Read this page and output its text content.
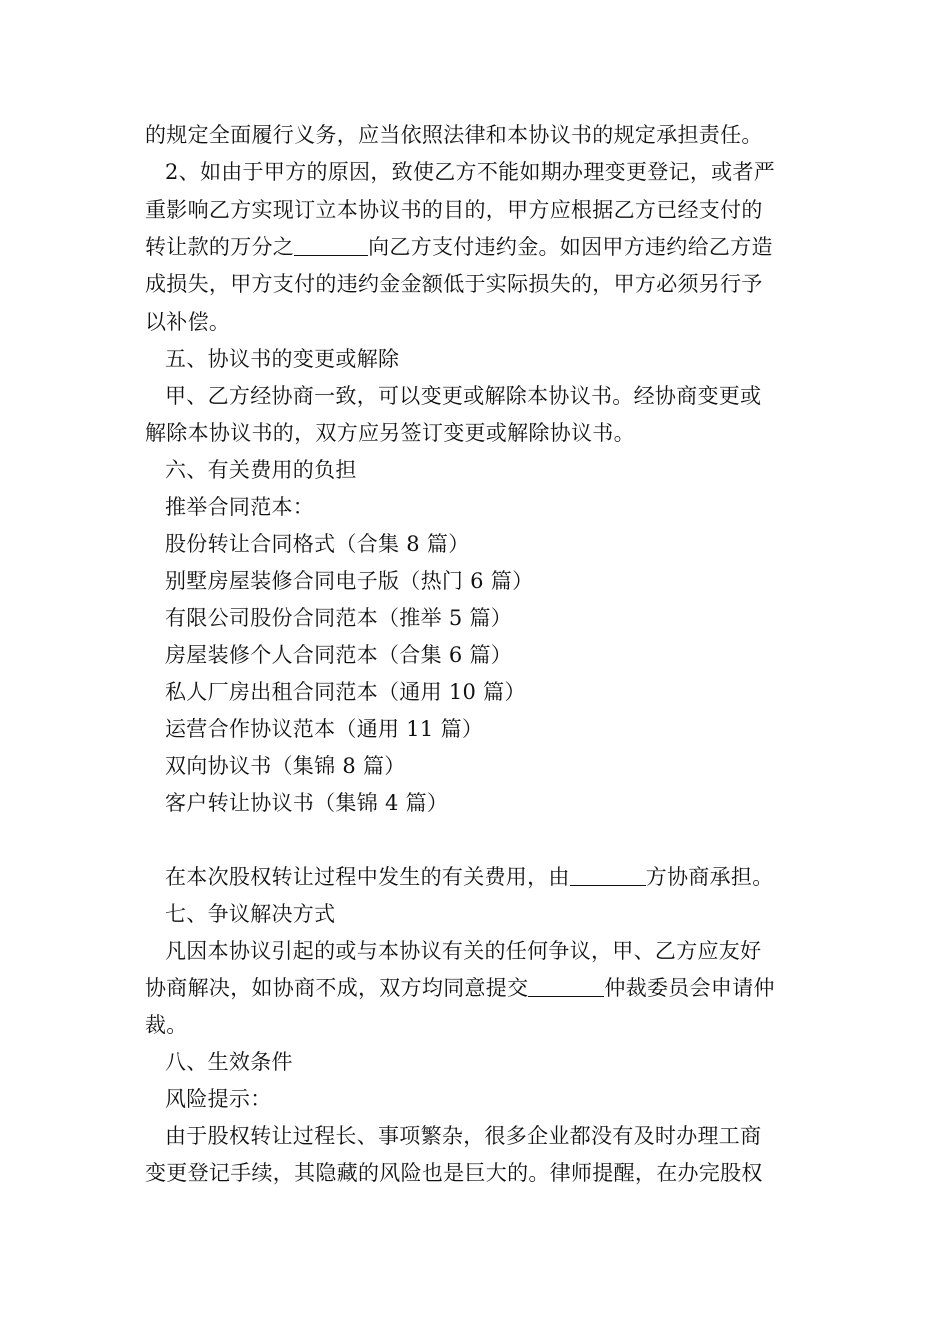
的规定全面履行义务，应当依照法律和本协议书的规定承担责任。
2、如由于甲方的原因，致使乙方不能如期办理变更登记，或者严
重影响乙方实现订立本协议书的目的，甲方应根据乙方已经支付的
转让款的万分之	向乙方支付违约金。如因甲方违约给乙方造
成损失，甲方支付的违约金金额低于实际损失的，甲方必须另行予
以补偿。
五、协议书的变更或解除
甲、乙方经协商一致，可以变更或解除本协议书。经协商变更或
解除本协议书的，双方应另签订变更或解除协议书。
六、有关费用的负担
推举合同范本：
股份转让合同格式（合集 8 篇）
别墅房屋装修合同电子版（热门 6 篇）
有限公司股份合同范本（推举 5 篇）
房屋装修个人合同范本（合集 6 篇）
私人厂房出租合同范本（通用 10 篇）
运营合作协议范本（通用 11 篇）
双向协议书（集锦 8 篇）
客户转让协议书（集锦 4 篇）
在本次股权转让过程中发生的有关费用，由	方协商承担。
七、争议解决方式
凡因本协议引起的或与本协议有关的任何争议，甲、乙方应友好
协商解决，如协商不成，双方均同意提交	仲裁委员会申请仲
裁。
八、生效条件
风险提示：
由于股权转让过程长、事项繁杂，很多企业都没有及时办理工商
变更登记手续，其隐藏的风险也是巨大的。律师提醒，在办完股权
